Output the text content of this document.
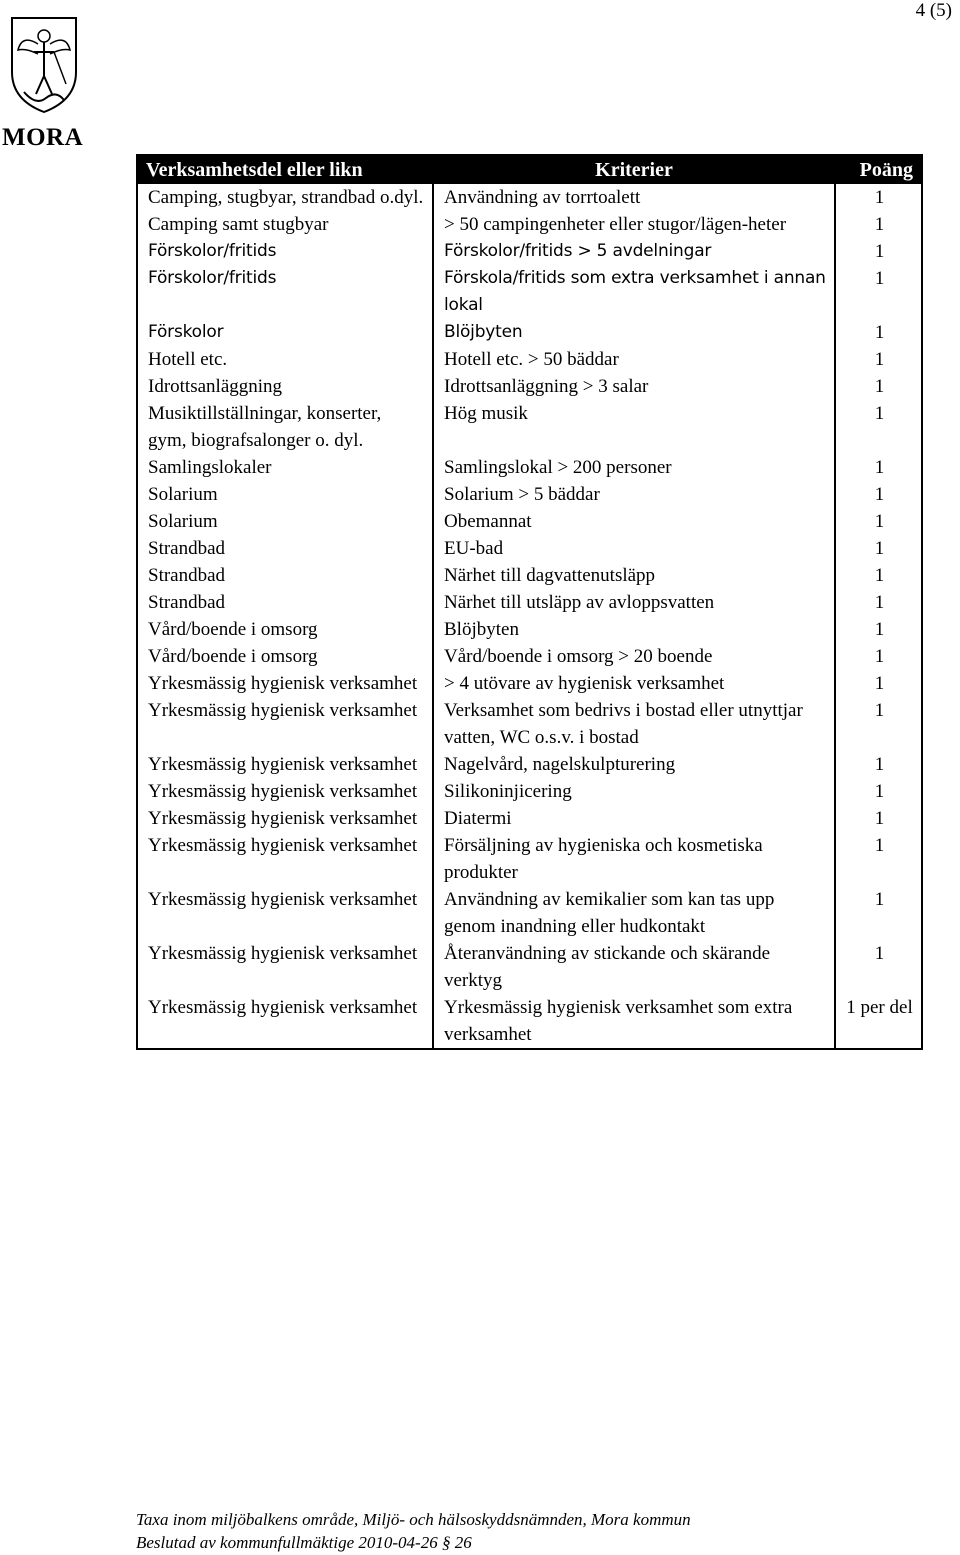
4 (5)
MORA
Verksamhetsdel eller likn	Kriterier	Poäng
Camping, stugbyar, strandbad o.dyl.	Användning av torrtoalett	1
Camping samt stugbyar	> 50 campingenheter eller stugor/lägen-heter	1
Förskolor/fritids	Förskolor/fritids > 5 avdelningar	1
Förskolor/fritids	Förskola/fritids som extra verksamhet i annan lokal	1
Förskolor	Blöjbyten	1
Hotell etc.	Hotell etc. > 50 bäddar	1
Idrottsanläggning	Idrottsanläggning > 3 salar	1
Musiktillställningar, konserter, gym, biografsalonger o. dyl.	Hög musik	1
Samlingslokaler	Samlingslokal > 200 personer	1
Solarium	Solarium > 5 bäddar	1
Solarium	Obemannat	1
Strandbad	EU-bad	1
Strandbad	Närhet till dagvattenutsläpp	1
Strandbad	Närhet till utsläpp av avloppsvatten	1
Vård/boende i omsorg	Blöjbyten	1
Vård/boende i omsorg	Vård/boende i omsorg > 20 boende	1
Yrkesmässig hygienisk verksamhet	> 4 utövare av hygienisk verksamhet	1
Yrkesmässig hygienisk verksamhet	Verksamhet som bedrivs i bostad eller utnyttjar vatten, WC o.s.v. i bostad	1
Yrkesmässig hygienisk verksamhet	Nagelvård, nagelskulpturering	1
Yrkesmässig hygienisk verksamhet	Silikoninjicering	1
Yrkesmässig hygienisk verksamhet	Diatermi	1
Yrkesmässig hygienisk verksamhet	Försäljning av hygieniska och kosmetiska produkter	1
Yrkesmässig hygienisk verksamhet	Användning av kemikalier som kan tas upp genom inandning eller hudkontakt	1
Yrkesmässig hygienisk verksamhet	Återanvändning av stickande och skärande verktyg	1
Yrkesmässig hygienisk verksamhet	Yrkesmässig hygienisk verksamhet som extra verksamhet	1 per del
Taxa inom miljöbalkens område, Miljö- och hälsoskyddsnämnden, Mora kommun
Beslutad av kommunfullmäktige 2010-04-26 § 26
